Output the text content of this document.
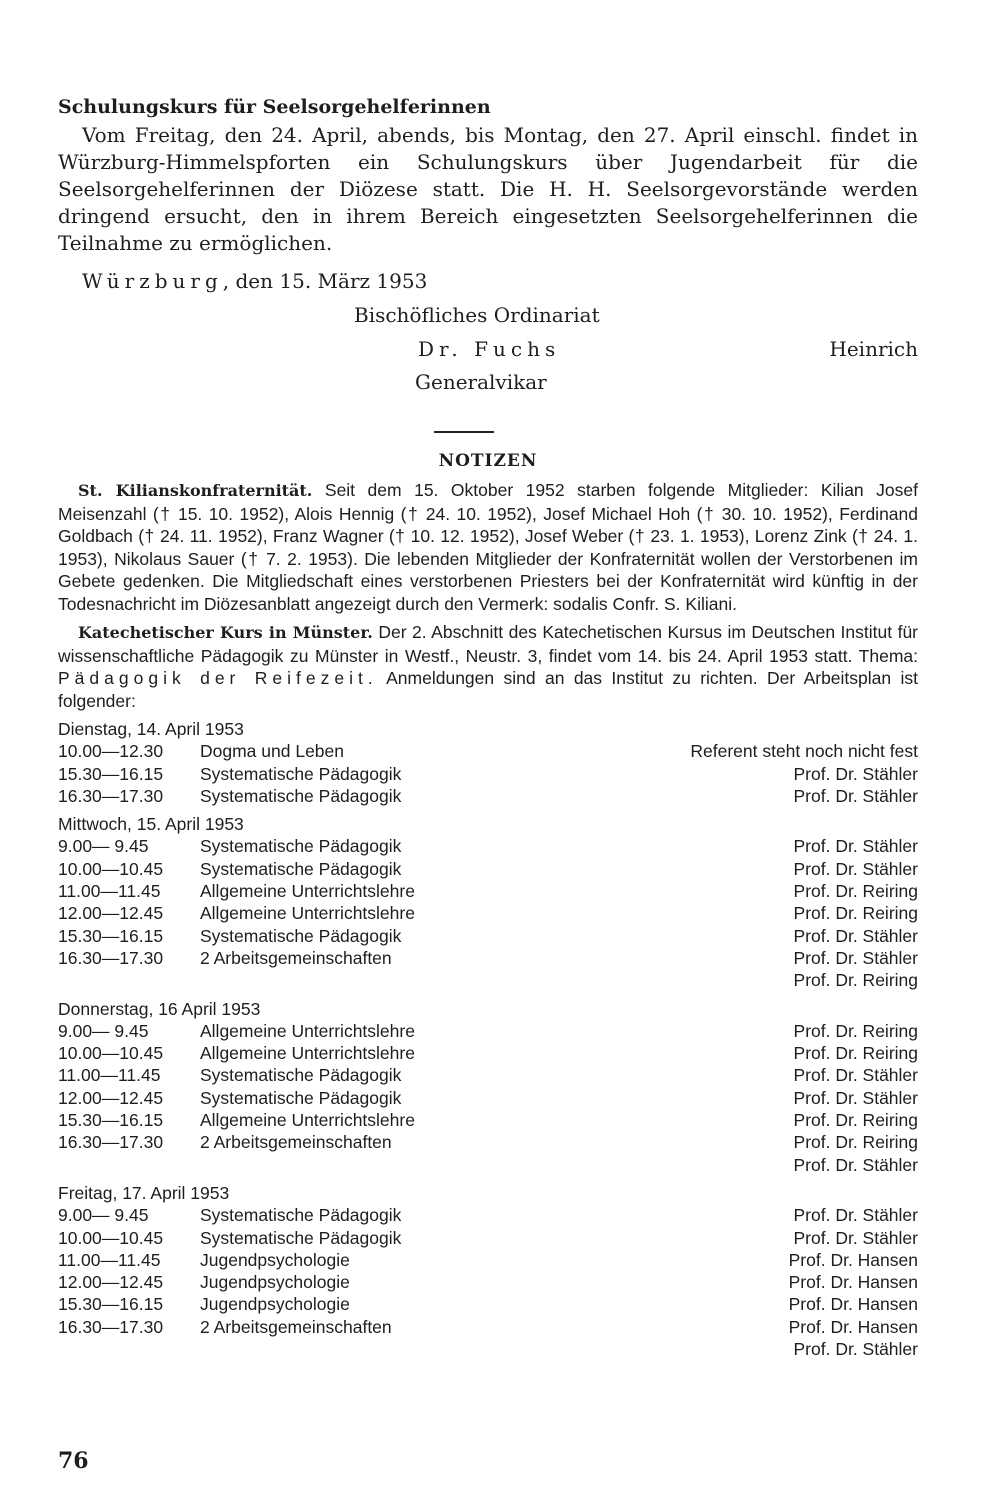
Schulungskurs für Seelsorgehelferinnen

Vom Freitag, den 24. April, abends, bis Montag, den 27. April einschl. findet in Würzburg-Himmelspforten ein Schulungskurs über Jugendarbeit für die Seelsorgehelferinnen der Diözese statt. Die H. H. Seelsorgevorstände werden dringend ersucht, den in ihrem Bereich eingesetzten Seelsorgehelferinnen die Teilnahme zu ermöglichen.

Würzburg, den 15. März 1953
Bischöfliches Ordinariat
Dr. Fuchs
Generalvikar
Heinrich
NOTIZEN

St. Kilianskonfraternität. Seit dem 15. Oktober 1952 starben folgende Mitglieder: Kilian Josef Meisenzahl († 15. 10. 1952), Alois Hennig († 24. 10. 1952), Josef Michael Hoh († 30. 10. 1952), Ferdinand Goldbach († 24. 11. 1952), Franz Wagner († 10. 12. 1952), Josef Weber († 23. 1. 1953), Lorenz Zink († 24. 1. 1953), Nikolaus Sauer († 7. 2. 1953). Die lebenden Mitglieder der Konfraternität wollen der Verstorbenen im Gebete gedenken. Die Mitgliedschaft eines verstorbenen Priesters bei der Konfraternität wird künftig in der Todesnachricht im Diözesanblatt angezeigt durch den Vermerk: sodalis Confr. S. Kiliani.

Katechetischer Kurs in Münster. Der 2. Abschnitt des Katechetischen Kursus im Deutschen Institut für wissenschaftliche Pädagogik zu Münster in Westf., Neustr. 3, findet vom 14. bis 24. April 1953 statt. Thema: Pädagogik der Reifezeit. Anmeldungen sind an das Institut zu richten. Der Arbeitsplan ist folgender:

Dienstag, 14. April 1953
10.00—12.30	Dogma und Leben	Referent steht noch nicht fest
15.30—16.15	Systematische Pädagogik	Prof. Dr. Stähler
16.30—17.30	Systematische Pädagogik	Prof. Dr. Stähler
Mittwoch, 15. April 1953
9.00— 9.45	Systematische Pädagogik	Prof. Dr. Stähler
10.00—10.45	Systematische Pädagogik	Prof. Dr. Stähler
11.00—11.45	Allgemeine Unterrichtslehre	Prof. Dr. Reiring
12.00—12.45	Allgemeine Unterrichtslehre	Prof. Dr. Reiring
15.30—16.15	Systematische Pädagogik	Prof. Dr. Stähler
16.30—17.30	2 Arbeitsgemeinschaften	Prof. Dr. Stähler
Prof. Dr. Reiring
Donnerstag, 16 April 1953
9.00— 9.45	Allgemeine Unterrichtslehre	Prof. Dr. Reiring
10.00—10.45	Allgemeine Unterrichtslehre	Prof. Dr. Reiring
11.00—11.45	Systematische Pädagogik	Prof. Dr. Stähler
12.00—12.45	Systematische Pädagogik	Prof. Dr. Stähler
15.30—16.15	Allgemeine Unterrichtslehre	Prof. Dr. Reiring
16.30—17.30	2 Arbeitsgemeinschaften	Prof. Dr. Reiring
Prof. Dr. Stähler
Freitag, 17. April 1953
9.00— 9.45	Systematische Pädagogik	Prof. Dr. Stähler
10.00—10.45	Systematische Pädagogik	Prof. Dr. Stähler
11.00—11.45	Jugendpsychologie	Prof. Dr. Hansen
12.00—12.45	Jugendpsychologie	Prof. Dr. Hansen
15.30—16.15	Jugendpsychologie	Prof. Dr. Hansen
16.30—17.30	2 Arbeitsgemeinschaften	Prof. Dr. Hansen
Prof. Dr. Stähler
76
